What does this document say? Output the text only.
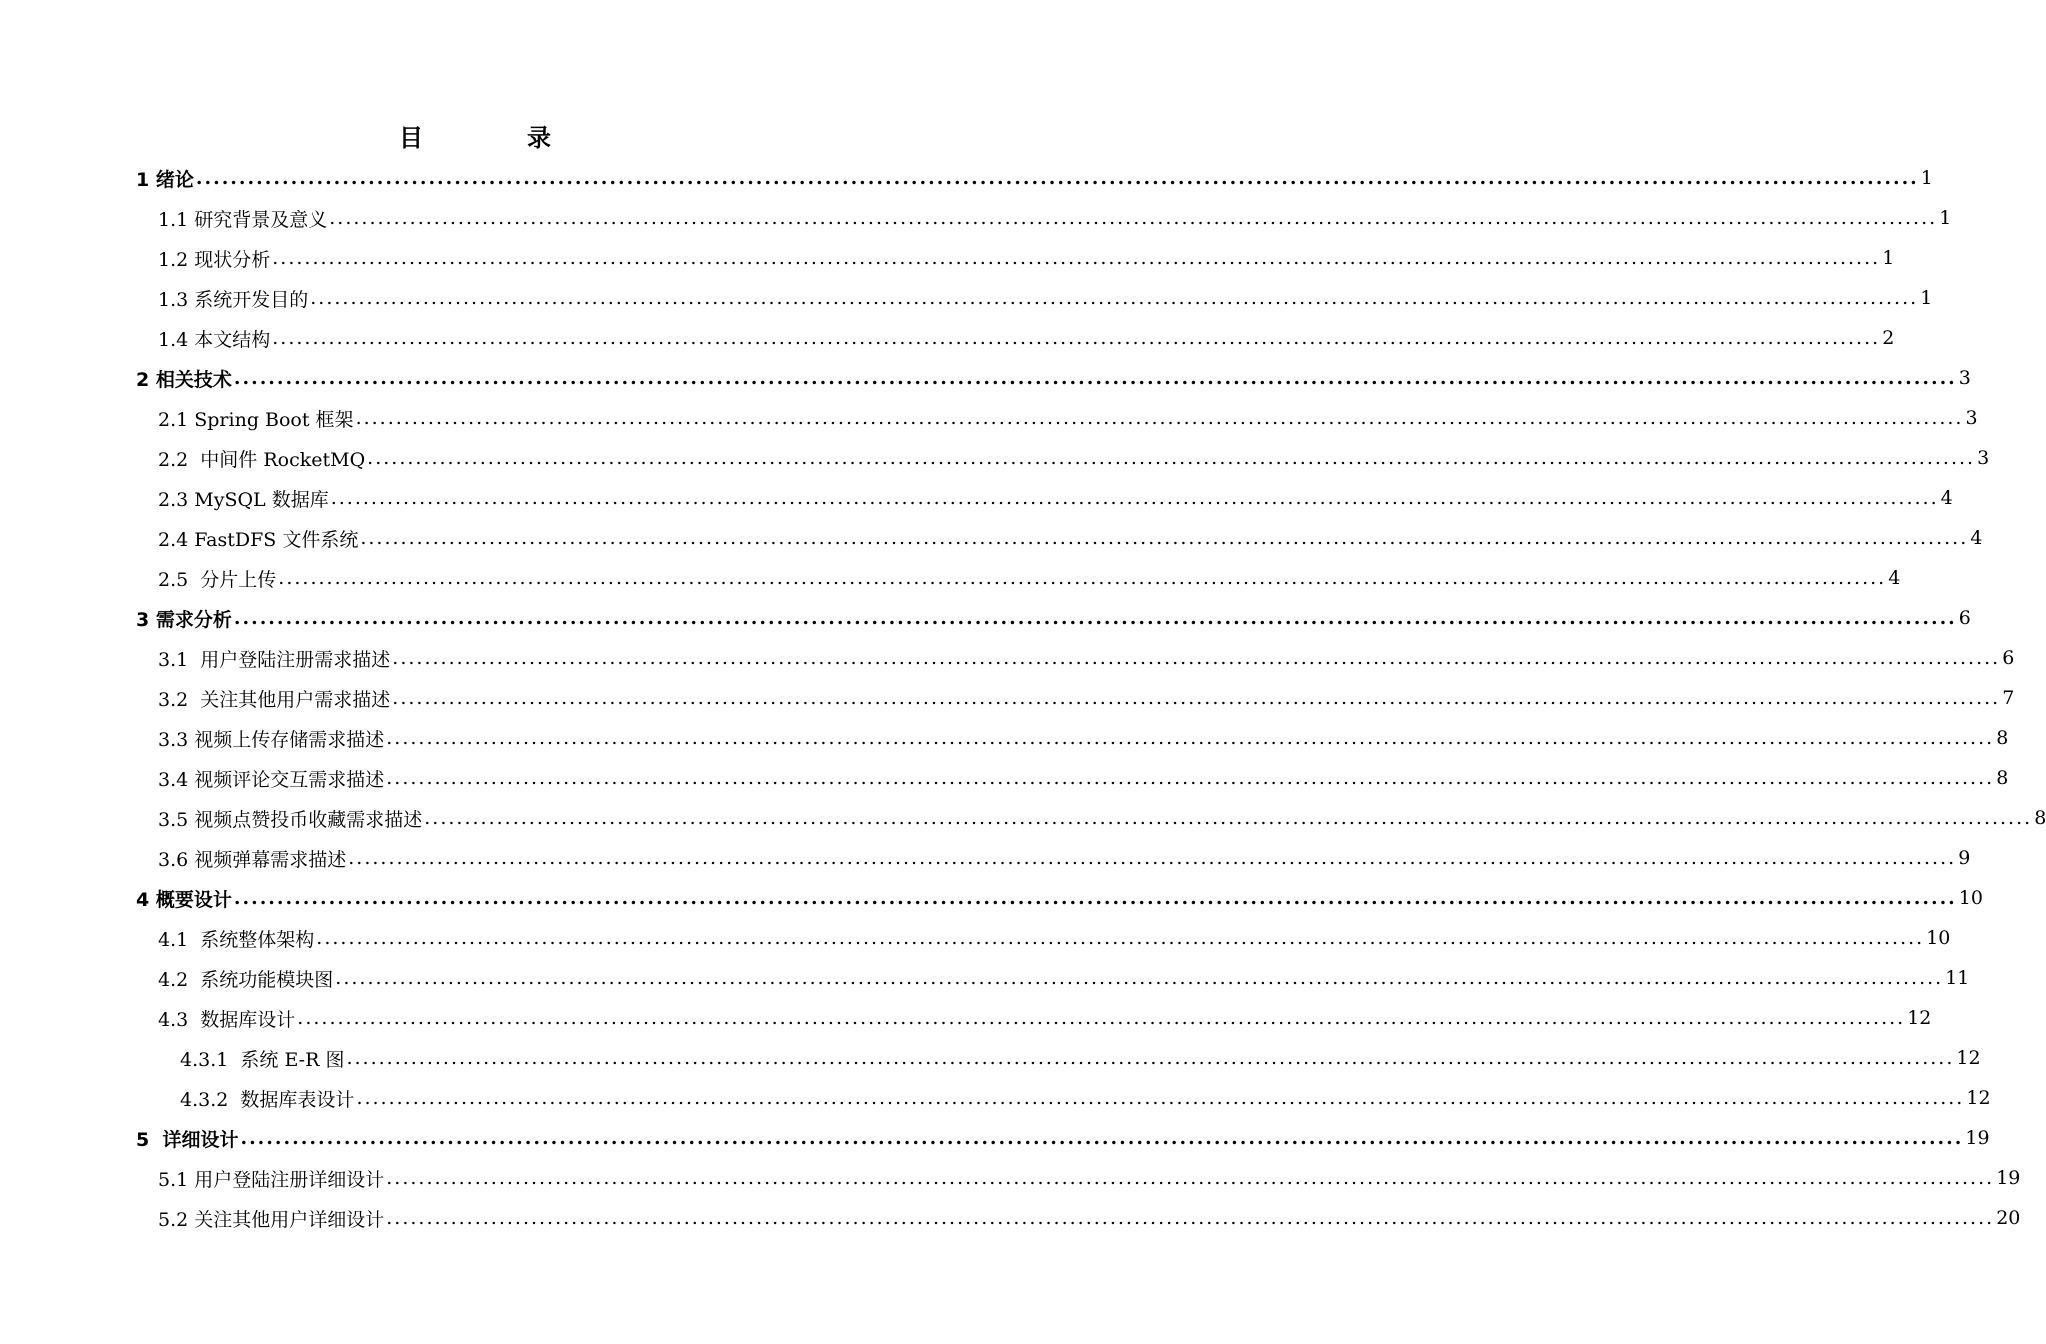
目　录
1 绪论 ........................................................................................................................................................................................................ 1
1.1 研究背景及意义 ........................................................................................................................................................................................................ 1
1.2 现状分析 ........................................................................................................................................................................................................ 1
1.3 系统开发目的 ........................................................................................................................................................................................................ 1
1.4 本文结构 ........................................................................................................................................................................................................ 2
2 相关技术 ........................................................................................................................................................................................................ 3
2.1 Spring Boot 框架 ........................................................................................................................................................................................................ 3
2.2  中间件 RocketMQ ........................................................................................................................................................................................................ 3
2.3 MySQL 数据库 ........................................................................................................................................................................................................ 4
2.4 FastDFS 文件系统 ........................................................................................................................................................................................................ 4
2.5  分片上传 ........................................................................................................................................................................................................ 4
3 需求分析 ........................................................................................................................................................................................................ 6
3.1  用户登陆注册需求描述 ........................................................................................................................................................................................................ 6
3.2  关注其他用户需求描述 ........................................................................................................................................................................................................ 7
3.3 视频上传存储需求描述 ........................................................................................................................................................................................................ 8
3.4 视频评论交互需求描述 ........................................................................................................................................................................................................ 8
3.5 视频点赞投币收藏需求描述 ........................................................................................................................................................................................................ 8
3.6 视频弹幕需求描述 ........................................................................................................................................................................................................ 9
4 概要设计 ........................................................................................................................................................................................................ 10
4.1  系统整体架构 ........................................................................................................................................................................................................ 10
4.2  系统功能模块图 ........................................................................................................................................................................................................ 11
4.3  数据库设计 ........................................................................................................................................................................................................ 12
4.3.1  系统 E-R 图 ........................................................................................................................................................................................................ 12
4.3.2  数据库表设计 ........................................................................................................................................................................................................ 12
5  详细设计 ........................................................................................................................................................................................................ 19
5.1 用户登陆注册详细设计 ........................................................................................................................................................................................................ 19
5.2 关注其他用户详细设计 ........................................................................................................................................................................................................ 20
